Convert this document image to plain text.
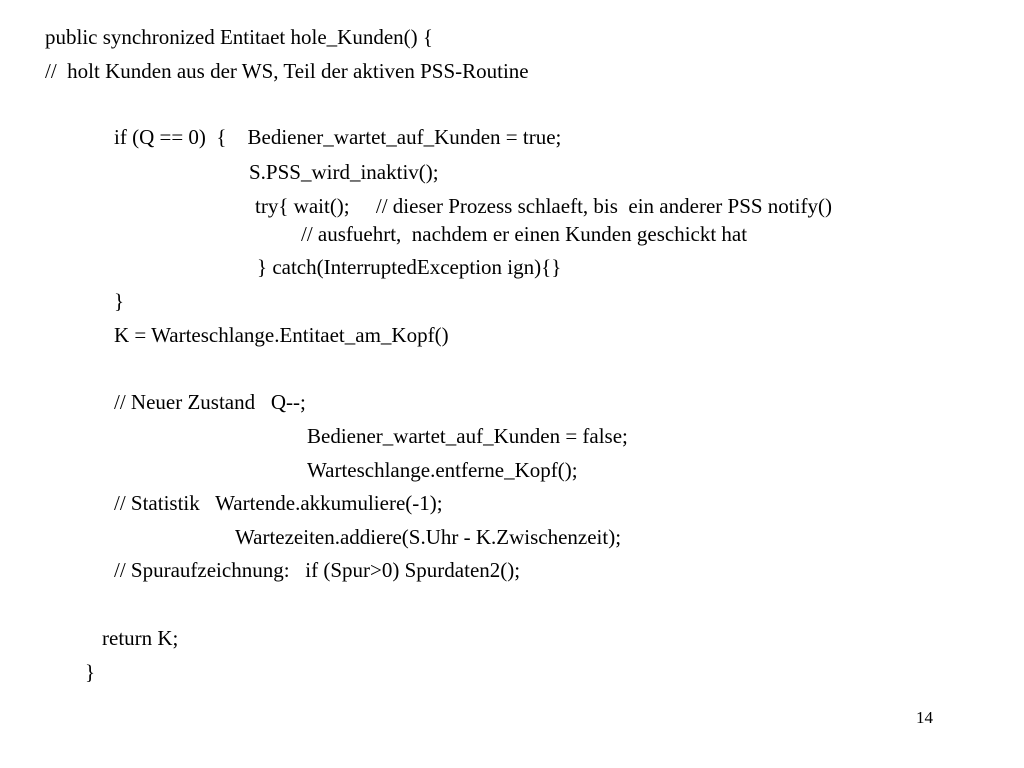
public synchronized Entitaet hole_Kunden() {
//  holt Kunden aus der WS, Teil der aktiven PSS-Routine
if (Q == 0)  {    Bediener_wartet_auf_Kunden = true;
S.PSS_wird_inaktiv();
try{ wait();     // dieser Prozess schlaeft, bis  ein anderer PSS notify()
// ausfuehrt,  nachdem er einen Kunden geschickt hat
} catch(InterruptedException ign){}
}
K = Warteschlange.Entitaet_am_Kopf()
// Neuer Zustand   Q--;
Bediener_wartet_auf_Kunden = false;
Warteschlange.entferne_Kopf();
// Statistik   Wartende.akkumuliere(-1);
Wartezeiten.addiere(S.Uhr - K.Zwischenzeit);
// Spuraufzeichnung:   if (Spur>0) Spurdaten2();
return K;
}
14
